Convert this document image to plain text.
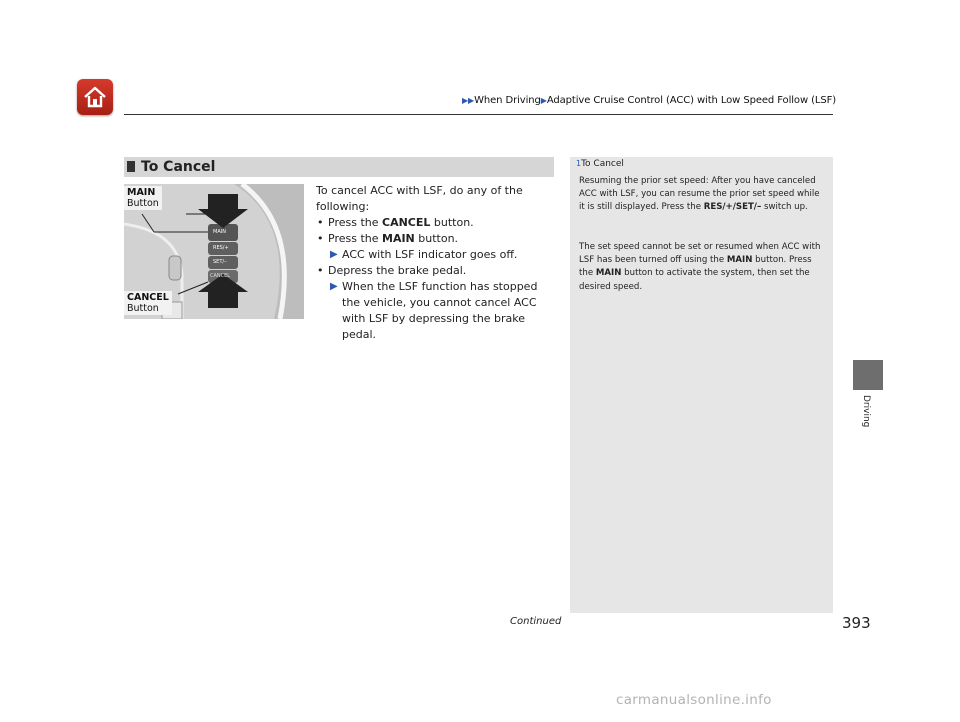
▶▶When Driving▶Adaptive Cruise Control (ACC) with Low Speed Follow (LSF)
To Cancel
MAIN
RES/+
SET/–
CANCEL
MAIN
Button
CANCEL
Button

To cancel ACC with LSF, do any of the following:

• Press the CANCEL button.

• Press the MAIN button.

▶ ACC with LSF indicator goes off.

• Depress the brake pedal.

▶ When the LSF function has stopped the vehicle, you cannot cancel ACC with LSF by depressing the brake pedal.

1To Cancel
Resuming the prior set speed: After you have canceled ACC with LSF, you can resume the prior set speed while it is still displayed. Press the RES/+/SET/– switch up.
The set speed cannot be set or resumed when ACC with LSF has been turned off using the MAIN button. Press the MAIN button to activate the system, then set the desired speed.
Driving
Continued	393
carmanualsonline.info
